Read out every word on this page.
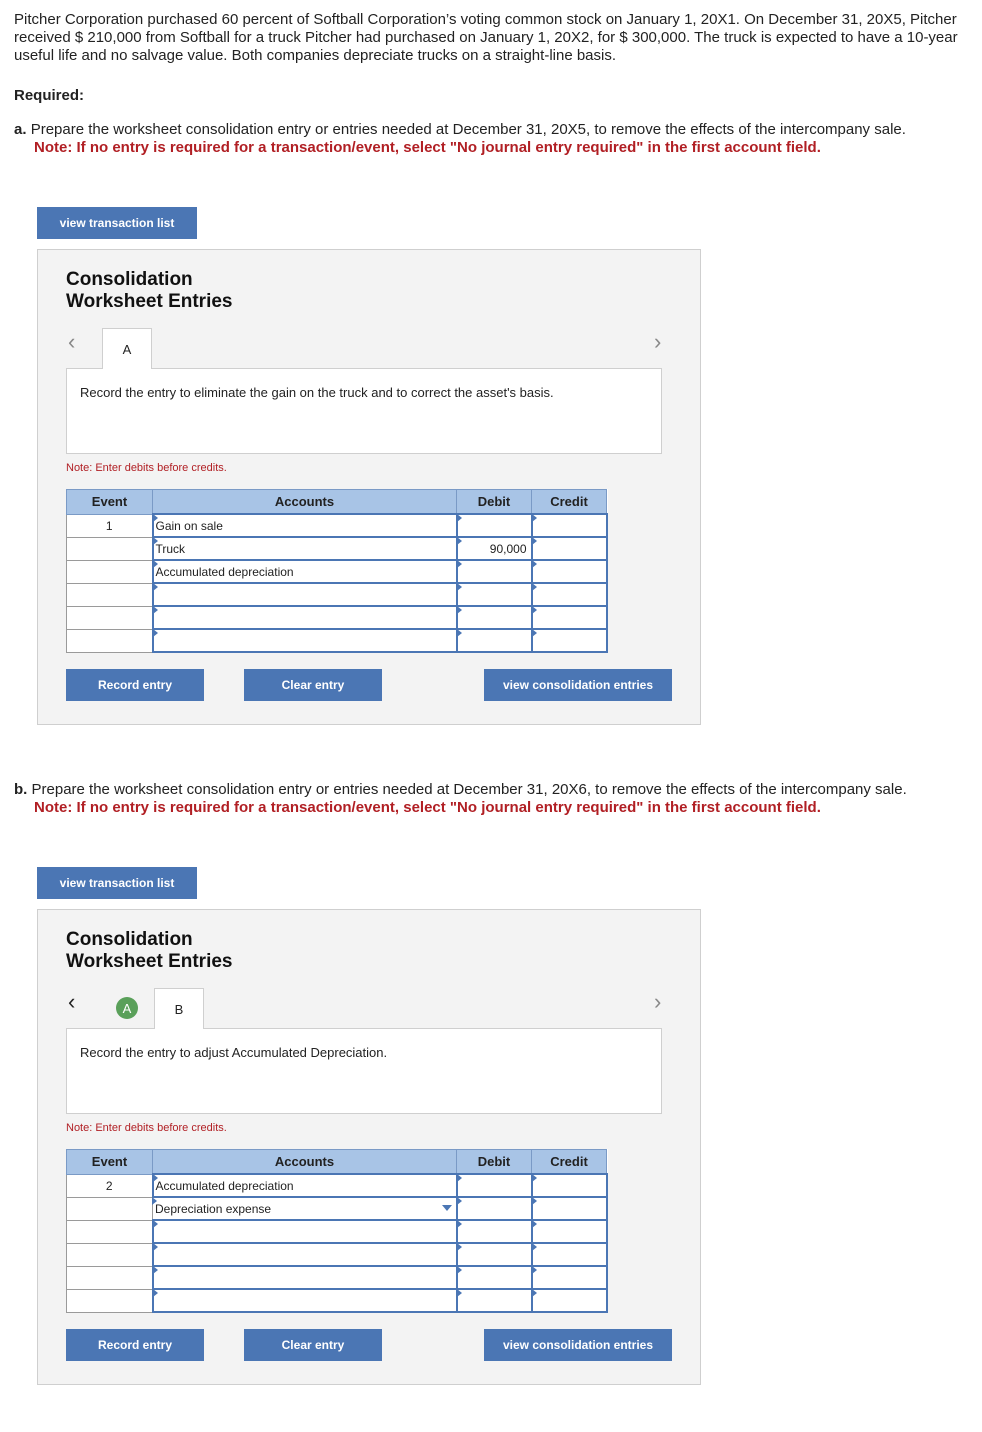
Pitcher Corporation purchased 60 percent of Softball Corporation’s voting common stock on January 1, 20X1. On December 31, 20X5, Pitcher received $ 210,000 from Softball for a truck Pitcher had purchased on January 1, 20X2, for $ 300,000. The truck is expected to have a 10-year useful life and no salvage value. Both companies depreciate trucks on a straight-line basis.
Required:
a. Prepare the worksheet consolidation entry or entries needed at December 31, 20X5, to remove the effects of the intercompany sale.
Note: If no entry is required for a transaction/event, select "No journal entry required" in the first account field.
view transaction list
Consolidation
Worksheet Entries
‹	A	›
Record the entry to eliminate the gain on the truck and to correct the asset's basis.
Note: Enter debits before credits.
Event	Accounts	Debit	Credit
1	Gain on sale		
	Truck	90,000	
	Accumulated depreciation		

Record entry	Clear entry	view consolidation entries
b. Prepare the worksheet consolidation entry or entries needed at December 31, 20X6, to remove the effects of the intercompany sale.
Note: If no entry is required for a transaction/event, select "No journal entry required" in the first account field.
view transaction list
Consolidation
Worksheet Entries
‹	A	B	›
Record the entry to adjust Accumulated Depreciation.
Note: Enter debits before credits.
Event	Accounts	Debit	Credit
2	Accumulated depreciation		
	Depreciation expense

Record entry	Clear entry	view consolidation entries
